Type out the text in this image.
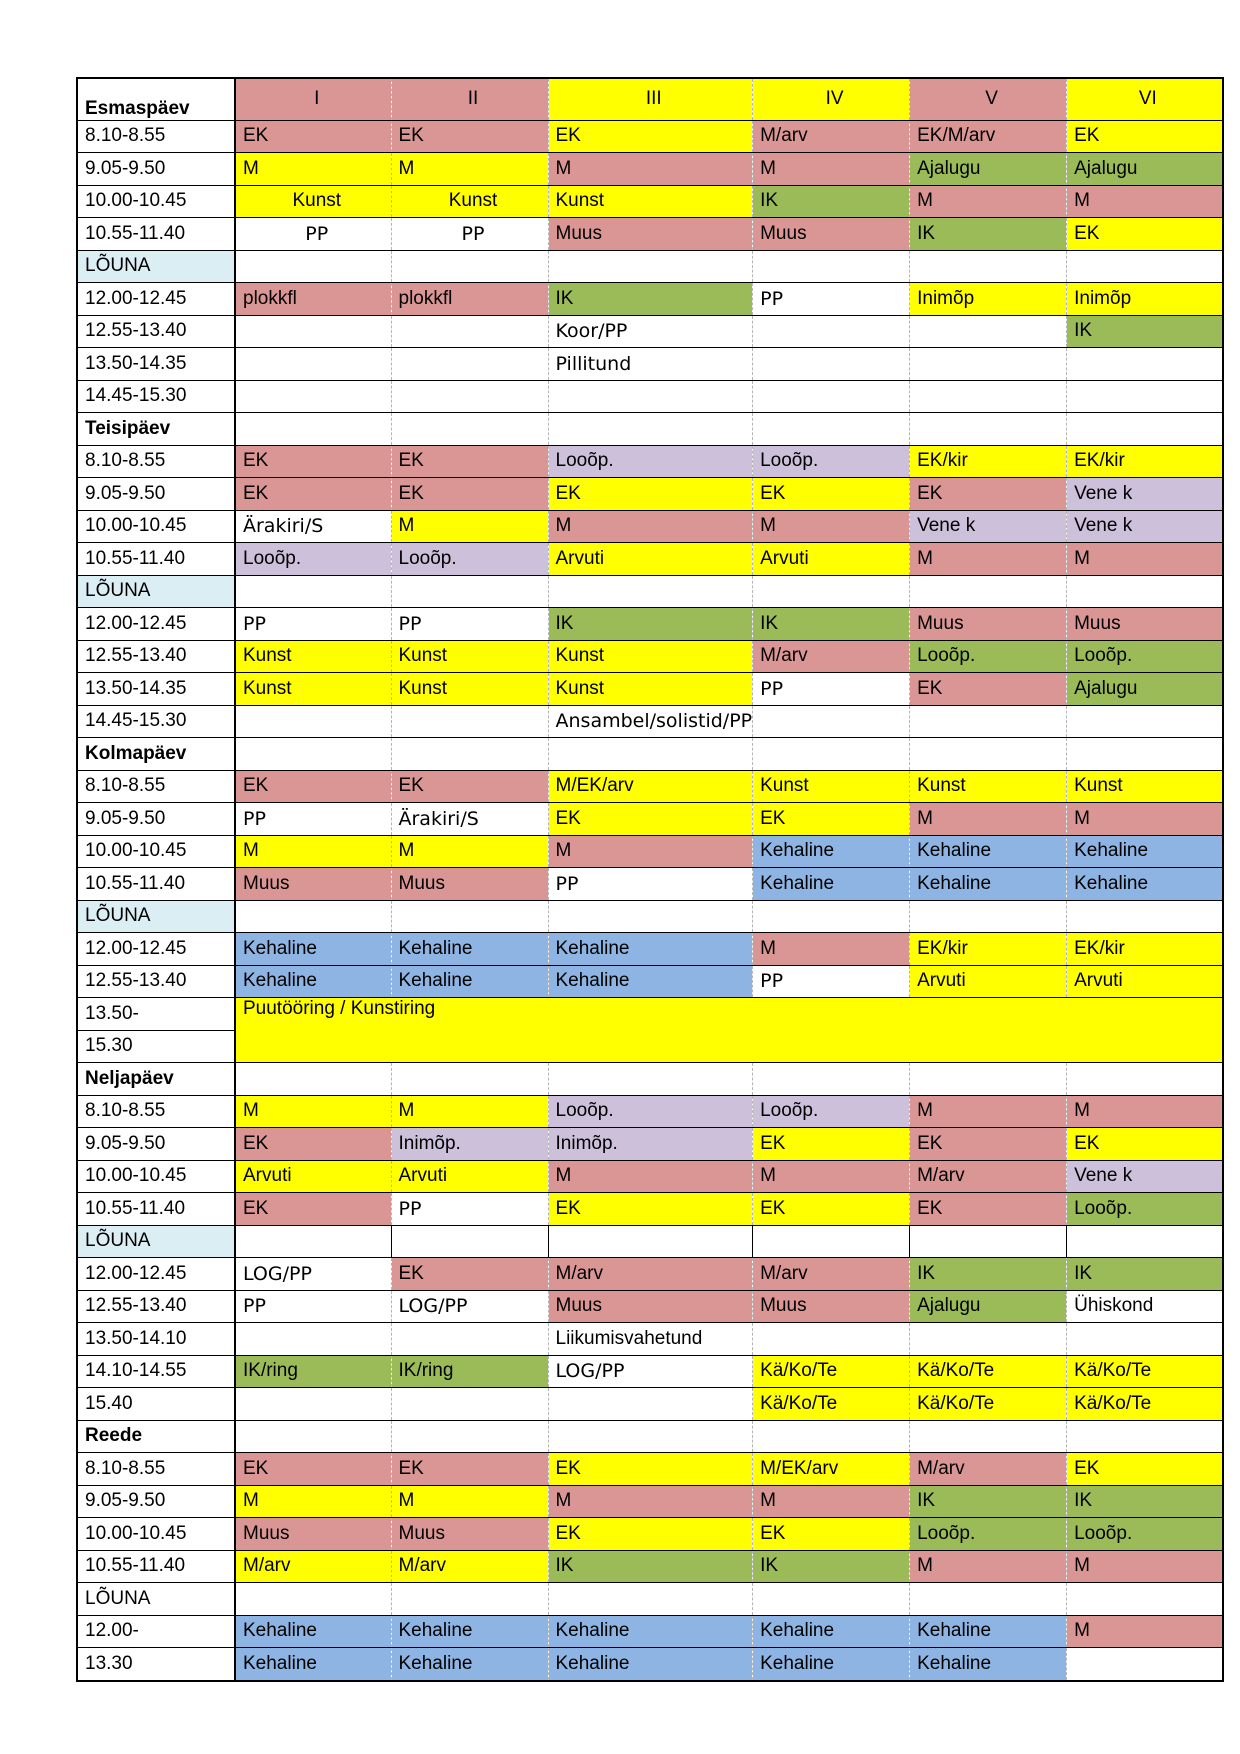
Esmaspäev	I	II	III	IV	V	VI
8.10-8.55	EK	EK	EK	M/arv	EK/M/arv	EK
9.05-9.50	M	M	M	M	Ajalugu	Ajalugu
10.00-10.45	Kunst	Kunst	Kunst	IK	M	M
10.55-11.40	PP	PP	Muus	Muus	IK	EK
LÕUNA						
12.00-12.45	plokkfl	plokkfl	IK	PP	Inimõp	Inimõp
12.55-13.40			Koor/PP			IK
13.50-14.35			Pillitund			
14.45-15.30						
Teisipäev						
8.10-8.55	EK	EK	Looõp.	Looõp.	EK/kir	EK/kir
9.05-9.50	EK	EK	EK	EK	EK	Vene k
10.00-10.45	Ärakiri/S	M	M	M	Vene k	Vene k
10.55-11.40	Looõp.	Looõp.	Arvuti	Arvuti	M	M
LÕUNA						
12.00-12.45	PP	PP	IK	IK	Muus	Muus
12.55-13.40	Kunst	Kunst	Kunst	M/arv	Looõp.	Looõp.
13.50-14.35	Kunst	Kunst	Kunst	PP	EK	Ajalugu
14.45-15.30			Ansambel/solistid/PP			
Kolmapäev						
8.10-8.55	EK	EK	M/EK/arv	Kunst	Kunst	Kunst
9.05-9.50	PP	Ärakiri/S	EK	EK	M	M
10.00-10.45	M	M	M	Kehaline	Kehaline	Kehaline
10.55-11.40	Muus	Muus	PP	Kehaline	Kehaline	Kehaline
LÕUNA						
12.00-12.45	Kehaline	Kehaline	Kehaline	M	EK/kir	EK/kir
12.55-13.40	Kehaline	Kehaline	Kehaline	PP	Arvuti	Arvuti
13.50-	Puutööring / Kunstiring					
15.30						
Neljapäev						
8.10-8.55	M	M	Looõp.	Looõp.	M	M
9.05-9.50	EK	Inimõp.	Inimõp.	EK	EK	EK
10.00-10.45	Arvuti	Arvuti	M	M	M/arv	Vene k
10.55-11.40	EK	PP	EK	EK	EK	Looõp.
LÕUNA						
12.00-12.45	LOG/PP	EK	M/arv	M/arv	IK	IK
12.55-13.40	PP	LOG/PP	Muus	Muus	Ajalugu	Ühiskond
13.50-14.10			Liikumisvahetund			
14.10-14.55	IK/ring	IK/ring	LOG/PP	Kä/Ko/Te	Kä/Ko/Te	Kä/Ko/Te
15.40				Kä/Ko/Te	Kä/Ko/Te	Kä/Ko/Te
Reede						
8.10-8.55	EK	EK	EK	M/EK/arv	M/arv	EK
9.05-9.50	M	M	M	M	IK	IK
10.00-10.45	Muus	Muus	EK	EK	Looõp.	Looõp.
10.55-11.40	M/arv	M/arv	IK	IK	M	M
LÕUNA						
12.00-	Kehaline	Kehaline	Kehaline	Kehaline	Kehaline	M
13.30	Kehaline	Kehaline	Kehaline	Kehaline	Kehaline	
